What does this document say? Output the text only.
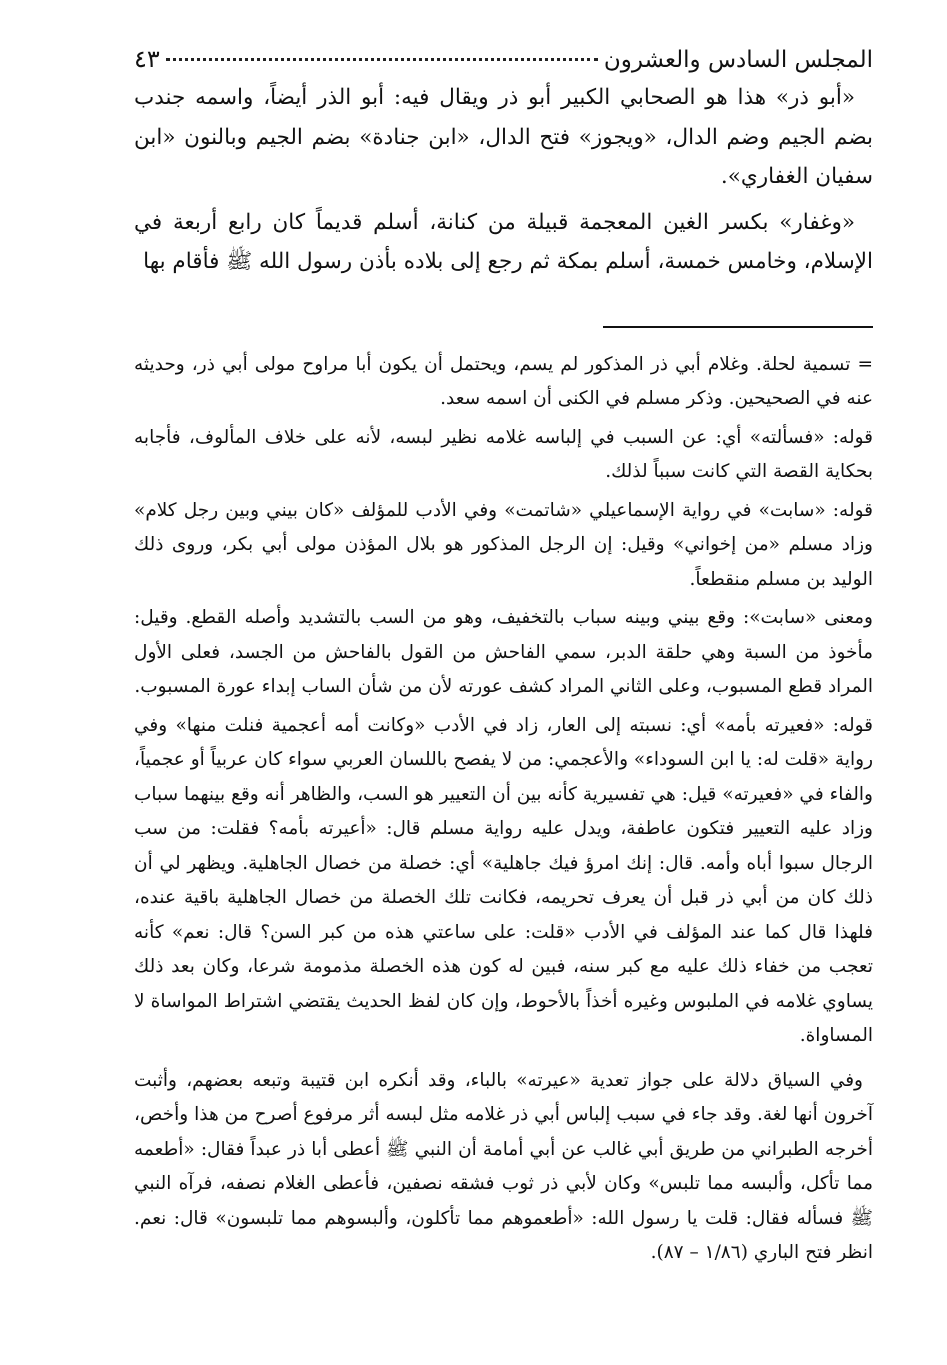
المجلس السادس والعشرون
٤٣

«أبو ذر» هذا هو الصحابي الكبير أبو ذر ويقال فيه: أبو الذر أيضاً، واسمه جندب بضم الجيم وضم الدال، «ويجوز» فتح الدال، «ابن جنادة» بضم الجيم وبالنون «ابن سفيان الغفاري».

«وغفار» بكسر الغين المعجمة قبيلة من كنانة، أسلم قديماً كان رابع أربعة في الإسلام، وخامس خمسة، أسلم بمكة ثم رجع إلى بلاده بأذن رسول الله ﷺ فأقام بها

= تسمية لحلة. وغلام أبي ذر المذكور لم يسم، ويحتمل أن يكون أبا مراوح مولى أبي ذر، وحديثه عنه في الصحيحين. وذكر مسلم في الكنى أن اسمه سعد.

قوله: «فسألته» أي: عن السبب في إلباسه غلامه نظير لبسه، لأنه على خلاف المألوف، فأجابه بحكاية القصة التي كانت سبباً لذلك.

قوله: «سابت» في رواية الإسماعيلي «شاتمت» وفي الأدب للمؤلف «كان بيني وبين رجل كلام» وزاد مسلم «من إخواني» وقيل: إن الرجل المذكور هو بلال المؤذن مولى أبي بكر، وروى ذلك الوليد بن مسلم منقطعاً.

ومعنى «سابت»: وقع بيني وبينه سباب بالتخفيف، وهو من السب بالتشديد وأصله القطع. وقيل: مأخوذ من السبة وهي حلقة الدبر، سمي الفاحش من القول بالفاحش من الجسد، فعلى الأول المراد قطع المسبوب، وعلى الثاني المراد كشف عورته لأن من شأن الساب إبداء عورة المسبوب.

قوله: «فعيرته بأمه» أي: نسبته إلى العار، زاد في الأدب «وكانت أمه أعجمية فنلت منها» وفي رواية «قلت له: يا ابن السوداء» والأعجمي: من لا يفصح باللسان العربي سواء كان عربياً أو عجمياً، والفاء في «فعيرته» قيل: هي تفسيرية كأنه بين أن التعيير هو السب، والظاهر أنه وقع بينهما سباب وزاد عليه التعيير فتكون عاطفة، ويدل عليه رواية مسلم قال: «أعيرته بأمه؟ فقلت: من سب الرجال سبوا أباه وأمه. قال: إنك امرؤ فيك جاهلية» أي: خصلة من خصال الجاهلية. ويظهر لي أن ذلك كان من أبي ذر قبل أن يعرف تحريمه، فكانت تلك الخصلة من خصال الجاهلية باقية عنده، فلهذا قال كما عند المؤلف في الأدب «قلت: على ساعتي هذه من كبر السن؟ قال: نعم» كأنه تعجب من خفاء ذلك عليه مع كبر سنه، فبين له كون هذه الخصلة مذمومة شرعا، وكان بعد ذلك يساوي غلامه في الملبوس وغيره أخذاً بالأحوط، وإن كان لفظ الحديث يقتضي اشتراط المواساة لا المساواة.

وفي السياق دلالة على جواز تعدية «عيرته» بالباء، وقد أنكره ابن قتيبة وتبعه بعضهم، وأثبت آخرون أنها لغة. وقد جاء في سبب إلباس أبي ذر غلامه مثل لبسه أثر مرفوع أصرح من هذا وأخص، أخرجه الطبراني من طريق أبي غالب عن أبي أمامة أن النبي ﷺ أعطى أبا ذر عبداً فقال: «أطعمه مما تأكل، وألبسه مما تلبس» وكان لأبي ذر ثوب فشقه نصفين، فأعطى الغلام نصفه، فرآه النبي ﷺ فسأله فقال: قلت يا رسول الله: «أطعموهم مما تأكلون، وألبسوهم مما تلبسون» قال: نعم. انظر فتح الباري (١/٨٦ – ٨٧).
